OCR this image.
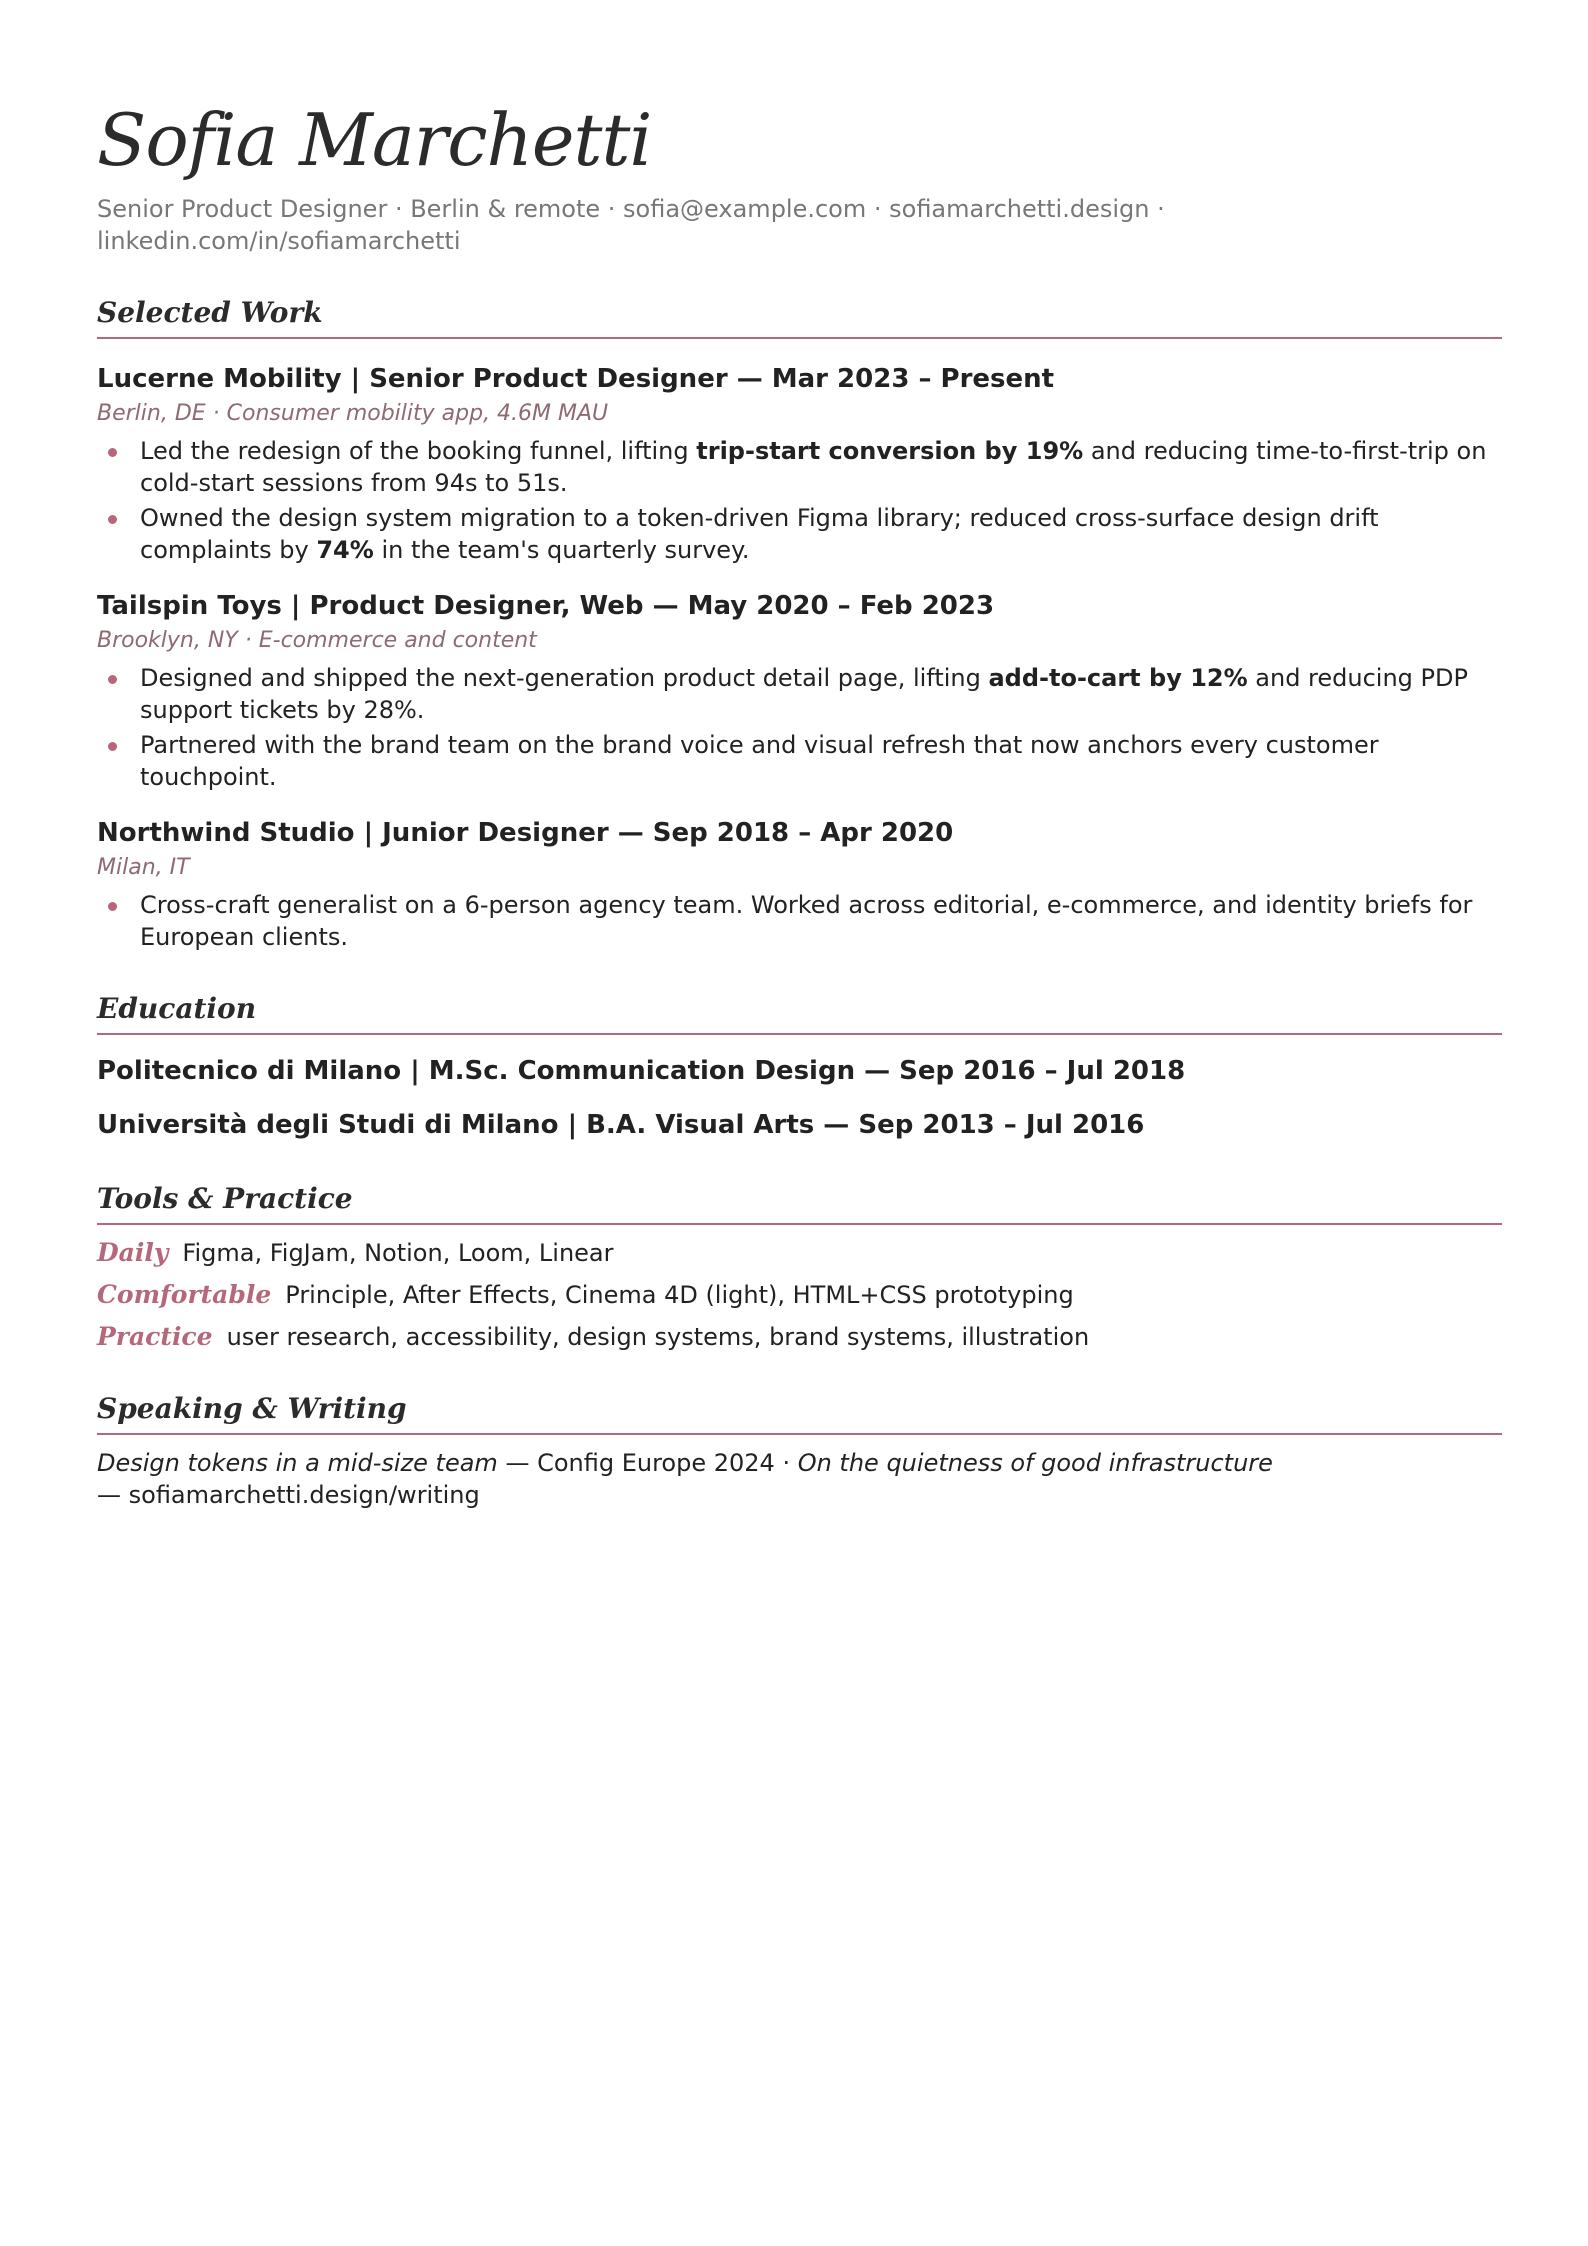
Sofia Marchetti
Senior Product Designer · Berlin & remote · sofia@example.com · sofiamarchetti.design ·
linkedin.com/in/sofiamarchetti
Selected Work
Lucerne Mobility | Senior Product Designer — Mar 2023 – Present
Berlin, DE · Consumer mobility app, 4.6M MAU
Led the redesign of the booking funnel, lifting trip-start conversion by 19% and reducing time-to-first-trip on cold-start sessions from 94s to 51s.
Owned the design system migration to a token-driven Figma library; reduced cross-surface design drift complaints by 74% in the team's quarterly survey.
Tailspin Toys | Product Designer, Web — May 2020 – Feb 2023
Brooklyn, NY · E-commerce and content
Designed and shipped the next-generation product detail page, lifting add-to-cart by 12% and reducing PDP support tickets by 28%.
Partnered with the brand team on the brand voice and visual refresh that now anchors every customer touchpoint.
Northwind Studio | Junior Designer — Sep 2018 – Apr 2020
Milan, IT
Cross-craft generalist on a 6-person agency team. Worked across editorial, e-commerce, and identity briefs for European clients.
Education
Politecnico di Milano | M.Sc. Communication Design — Sep 2016 – Jul 2018
Università degli Studi di Milano | B.A. Visual Arts — Sep 2013 – Jul 2016
Tools & Practice
Daily Figma, FigJam, Notion, Loom, Linear
Comfortable Principle, After Effects, Cinema 4D (light), HTML+CSS prototyping
Practice user research, accessibility, design systems, brand systems, illustration
Speaking & Writing
Design tokens in a mid-size team — Config Europe 2024 · On the quietness of good infrastructure — sofiamarchetti.design/writing
